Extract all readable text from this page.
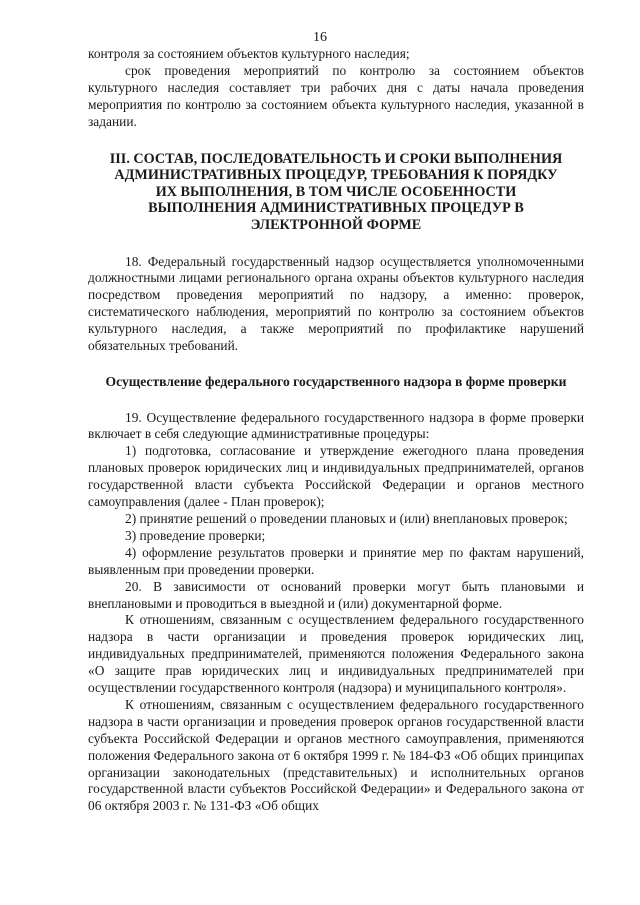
16

контроля за состоянием объектов культурного наследия;

срок проведения мероприятий по контролю за состоянием объектов культурного наследия составляет три рабочих дня с даты начала проведения мероприятия по контролю за состоянием объекта культурного наследия, указанной в задании.

III. СОСТАВ, ПОСЛЕДОВАТЕЛЬНОСТЬ И СРОКИ ВЫПОЛНЕНИЯ АДМИНИСТРАТИВНЫХ ПРОЦЕДУР, ТРЕБОВАНИЯ К ПОРЯДКУ ИХ ВЫПОЛНЕНИЯ, В ТОМ ЧИСЛЕ ОСОБЕННОСТИ ВЫПОЛНЕНИЯ АДМИНИСТРАТИВНЫХ ПРОЦЕДУР В ЭЛЕКТРОННОЙ ФОРМЕ

18. Федеральный государственный надзор осуществляется уполномоченными должностными лицами регионального органа охраны объектов культурного наследия посредством проведения мероприятий по надзору, а именно: проверок, систематического наблюдения, мероприятий по контролю за состоянием объектов культурного наследия, а также мероприятий по профилактике нарушений обязательных требований.

Осуществление федерального государственного надзора в форме проверки

19. Осуществление федерального государственного надзора в форме проверки включает в себя следующие административные процедуры:

1) подготовка, согласование и утверждение ежегодного плана проведения плановых проверок юридических лиц и индивидуальных предпринимателей, органов государственной власти субъекта Российской Федерации и органов местного самоуправления (далее - План проверок);

2) принятие решений о проведении плановых и (или) внеплановых проверок;

3) проведение проверки;

4) оформление результатов проверки и принятие мер по фактам нарушений, выявленным при проведении проверки.

20. В зависимости от оснований проверки могут быть плановыми и внеплановыми и проводиться в выездной и (или) документарной форме.

К отношениям, связанным с осуществлением федерального государственного надзора в части организации и проведения проверок юридических лиц, индивидуальных предпринимателей, применяются положения Федерального закона «О защите прав юридических лиц и индивидуальных предпринимателей при осуществлении государственного контроля (надзора) и муниципального контроля».

К отношениям, связанным с осуществлением федерального государственного надзора в части организации и проведения проверок органов государственной власти субъекта Российской Федерации и органов местного самоуправления, применяются положения Федерального закона от 6 октября 1999 г. № 184-ФЗ «Об общих принципах организации законодательных (представительных) и исполнительных органов государственной власти субъектов Российской Федерации» и Федерального закона от 06 октября 2003 г. № 131-ФЗ «Об общих
